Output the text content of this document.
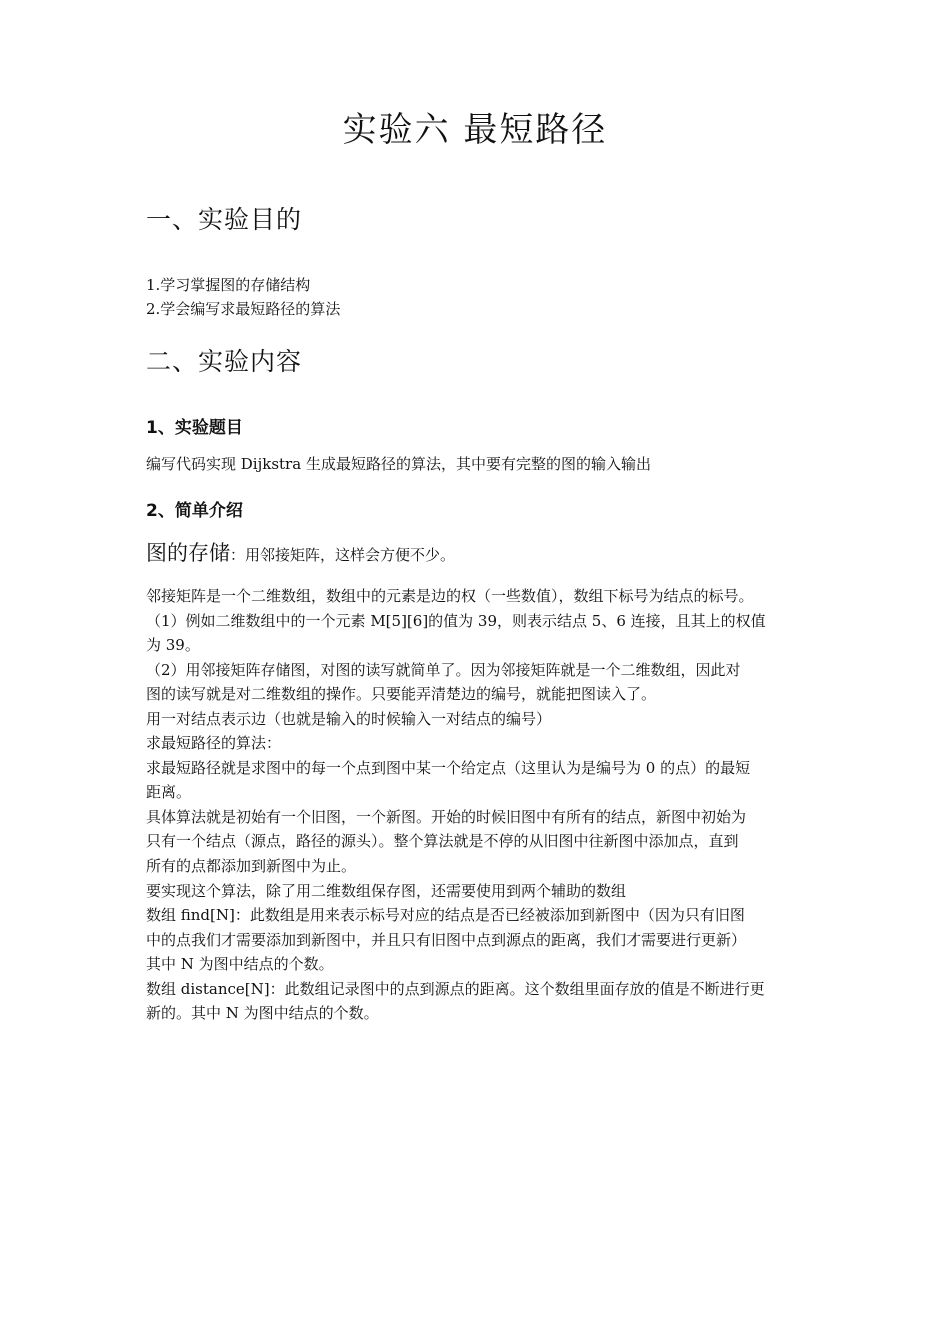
实验六 最短路径
一、实验目的
1.学习掌握图的存储结构
2.学会编写求最短路径的算法
二、实验内容
1、实验题目
编写代码实现 Dijkstra 生成最短路径的算法，其中要有完整的图的输入输出
2、简单介绍
图的存储：用邻接矩阵，这样会方便不少。
邻接矩阵是一个二维数组，数组中的元素是边的权（一些数值），数组下标号为结点的标号。
（1）例如二维数组中的一个元素 M[5][6]的值为 39，则表示结点 5、6 连接，且其上的权值
为 39。
（2）用邻接矩阵存储图，对图的读写就简单了。因为邻接矩阵就是一个二维数组，因此对
图的读写就是对二维数组的操作。只要能弄清楚边的编号，就能把图读入了。
用一对结点表示边（也就是输入的时候输入一对结点的编号）
求最短路径的算法：
求最短路径就是求图中的每一个点到图中某一个给定点（这里认为是编号为 0 的点）的最短
距离。
具体算法就是初始有一个旧图，一个新图。开始的时候旧图中有所有的结点，新图中初始为
只有一个结点（源点，路径的源头）。整个算法就是不停的从旧图中往新图中添加点，直到
所有的点都添加到新图中为止。
要实现这个算法，除了用二维数组保存图，还需要使用到两个辅助的数组
数组 find[N]：此数组是用来表示标号对应的结点是否已经被添加到新图中（因为只有旧图
中的点我们才需要添加到新图中，并且只有旧图中点到源点的距离，我们才需要进行更新）
其中 N 为图中结点的个数。
数组 distance[N]：此数组记录图中的点到源点的距离。这个数组里面存放的值是不断进行更
新的。其中 N 为图中结点的个数。
